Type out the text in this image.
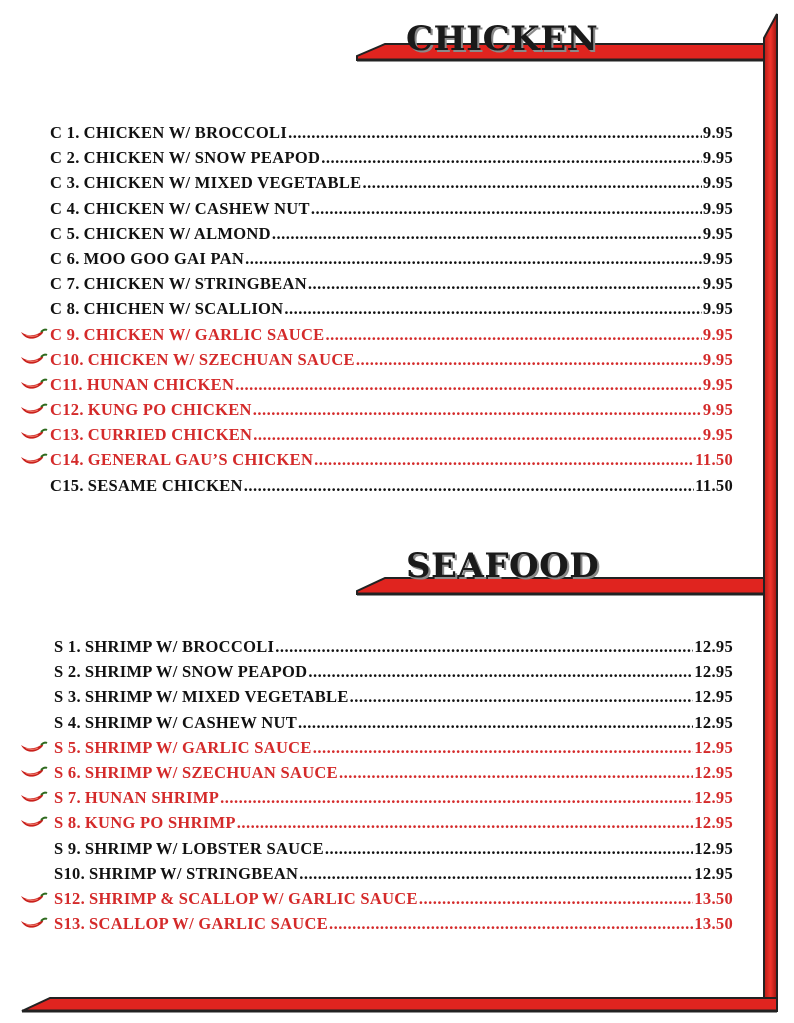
CHICKEN
C 1. CHICKEN W/ BROCCOLI .....	9.95
C 2. CHICKEN W/ SNOW PEAPOD .....	9.95
C 3. CHICKEN W/ MIXED VEGETABLE .....	9.95
C 4. CHICKEN W/ CASHEW NUT .....	9.95
C 5. CHICKEN W/ ALMOND .....	9.95
C 6. MOO GOO GAI PAN .....	9.95
C 7. CHICKEN W/ STRINGBEAN .....	9.95
C 8. CHICHEN W/ SCALLION .....	9.95
C 9. CHICKEN W/ GARLIC SAUCE .....	9.95
C10. CHICKEN W/ SZECHUAN SAUCE .....	9.95
C11. HUNAN CHICKEN .....	9.95
C12. KUNG PO CHICKEN .....	9.95
C13. CURRIED CHICKEN .....	9.95
C14. GENERAL GAU’S CHICKEN .....	11.50
C15. SESAME CHICKEN .....	11.50
SEAFOOD
S 1. SHRIMP W/ BROCCOLI .....	12.95
S 2. SHRIMP W/ SNOW PEAPOD .....	12.95
S 3. SHRIMP W/ MIXED VEGETABLE .....	12.95
S 4. SHRIMP W/ CASHEW NUT .....	12.95
S 5. SHRIMP W/ GARLIC SAUCE .....	12.95
S 6. SHRIMP W/ SZECHUAN SAUCE .....	12.95
S 7. HUNAN SHRIMP .....	12.95
S 8. KUNG PO SHRIMP .....	12.95
S 9. SHRIMP W/ LOBSTER SAUCE .....	12.95
S10. SHRIMP W/ STRINGBEAN .....	12.95
S12. SHRIMP & SCALLOP W/ GARLIC SAUCE .....	13.50
S13. SCALLOP W/ GARLIC SAUCE .....	13.50
